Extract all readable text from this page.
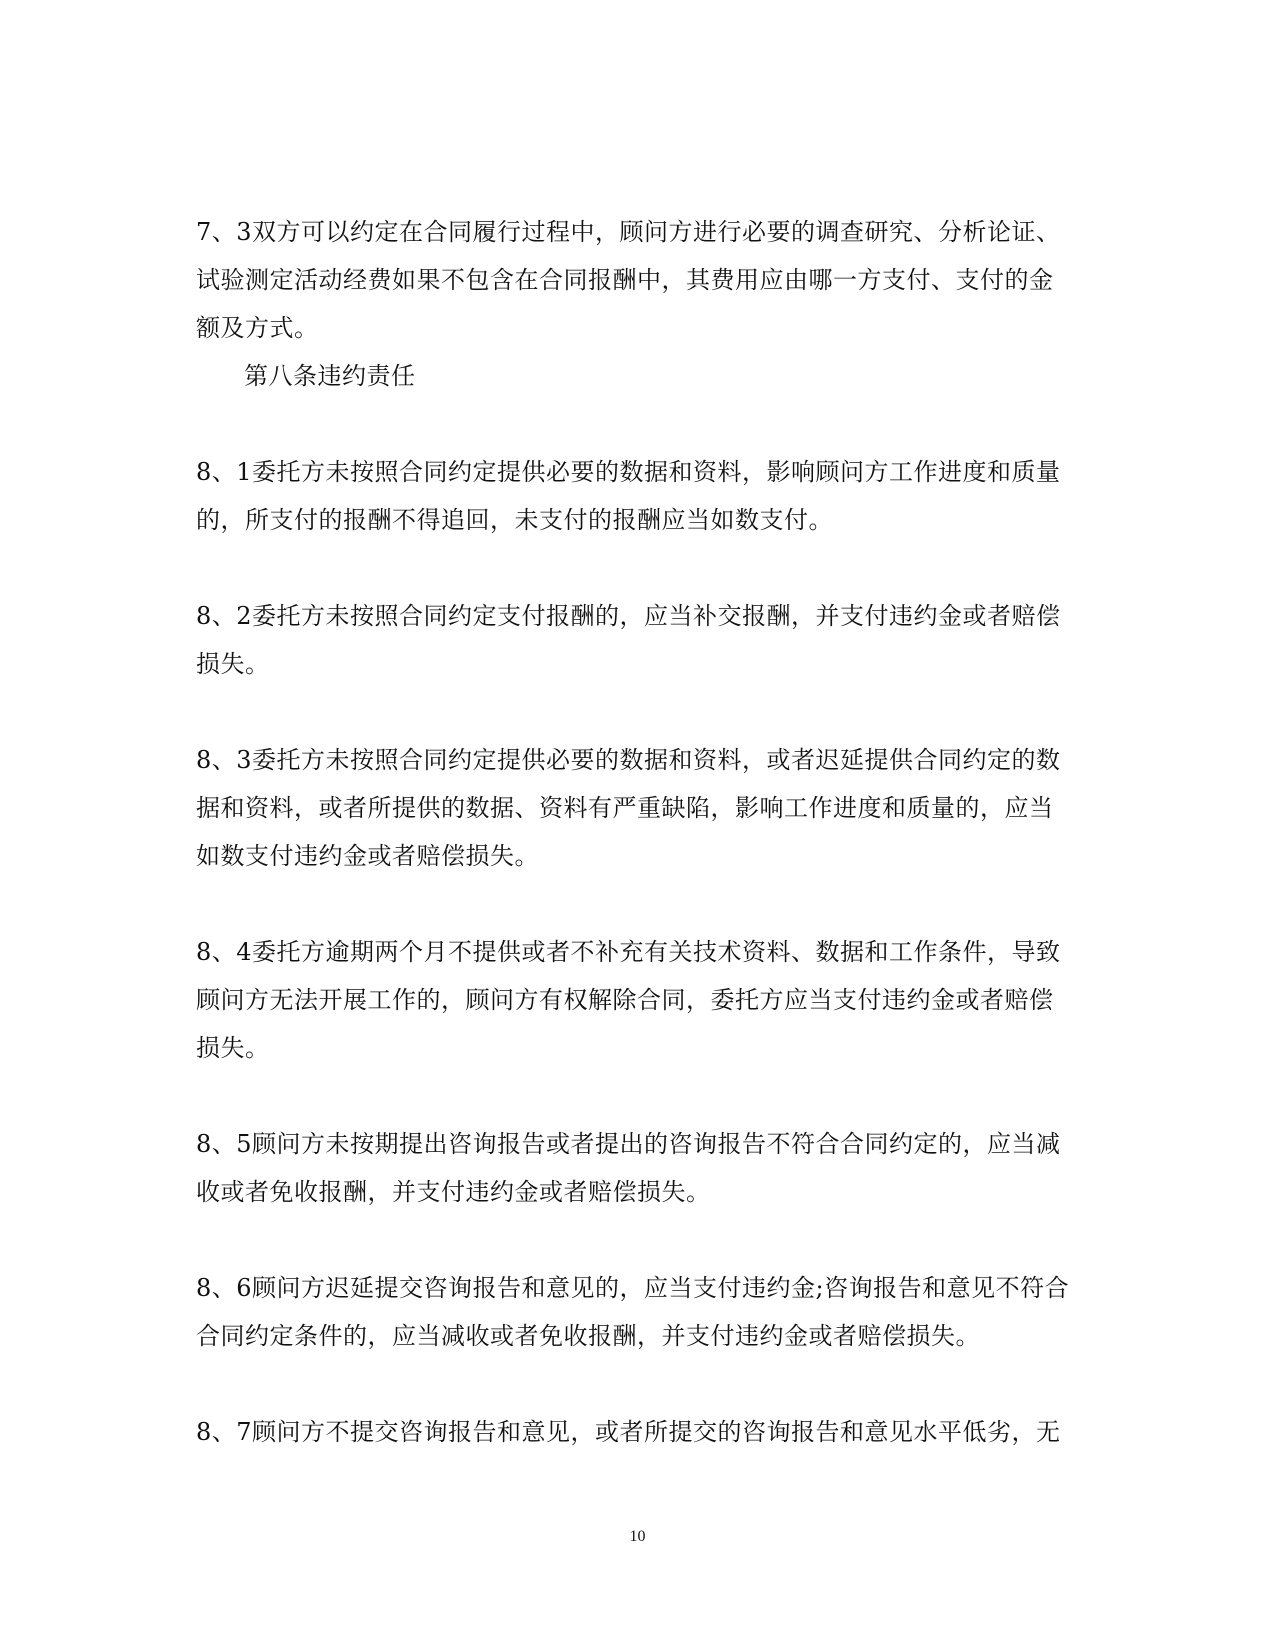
7、3双方可以约定在合同履行过程中，顾问方进行必要的调查研究、分析论证、试验测定活动经费如果不包含在合同报酬中，其费用应由哪一方支付、支付的金额及方式。

第八条违约责任

8、1委托方未按照合同约定提供必要的数据和资料，影响顾问方工作进度和质量的，所支付的报酬不得追回，未支付的报酬应当如数支付。

8、2委托方未按照合同约定支付报酬的，应当补交报酬，并支付违约金或者赔偿损失。

8、3委托方未按照合同约定提供必要的数据和资料，或者迟延提供合同约定的数据和资料，或者所提供的数据、资料有严重缺陷，影响工作进度和质量的，应当如数支付违约金或者赔偿损失。

8、4委托方逾期两个月不提供或者不补充有关技术资料、数据和工作条件，导致顾问方无法开展工作的，顾问方有权解除合同，委托方应当支付违约金或者赔偿损失。

8、5顾问方未按期提出咨询报告或者提出的咨询报告不符合合同约定的，应当减收或者免收报酬，并支付违约金或者赔偿损失。

8、6顾问方迟延提交咨询报告和意见的，应当支付违约金;咨询报告和意见不符合合同约定条件的，应当减收或者免收报酬，并支付违约金或者赔偿损失。

8、7顾问方不提交咨询报告和意见，或者所提交的咨询报告和意见水平低劣，无

10
